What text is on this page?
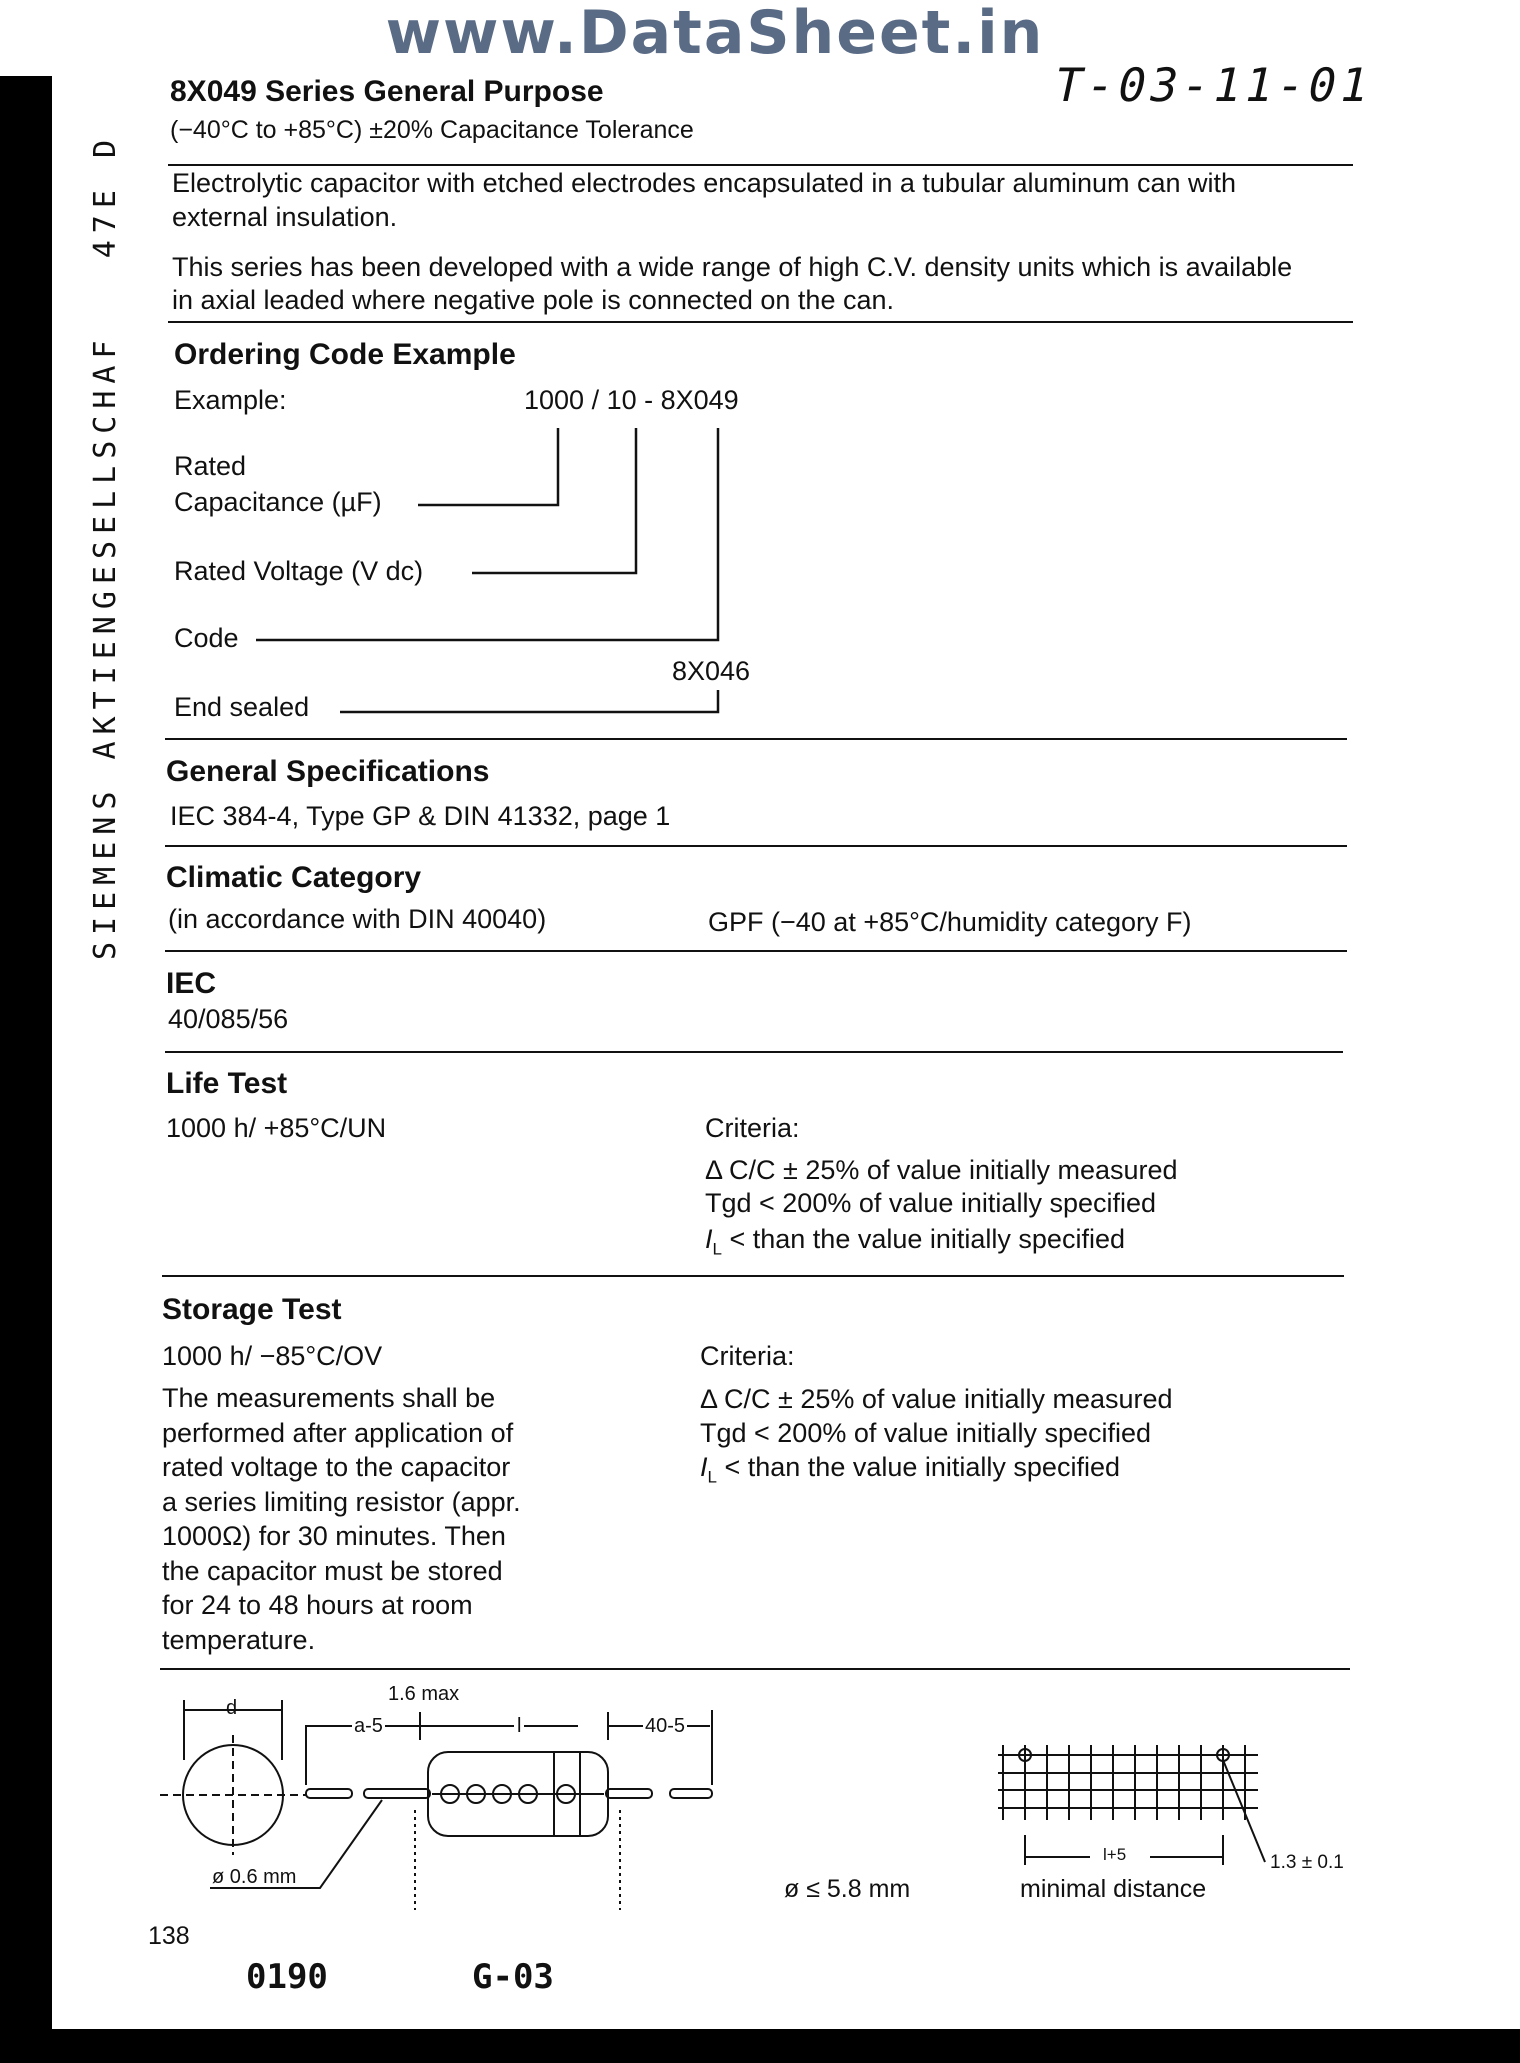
www.DataSheet.in
T-03-11-01
SIEMENS AKTIENGESELLSCHAF   47E D
8X049 Series General Purpose
(−40°C to +85°C) ±20% Capacitance Tolerance
Electrolytic capacitor with etched electrodes encapsulated in a tubular aluminum can with
external insulation.
This series has been developed with a wide range of high C.V. density units which is available
in axial leaded where negative pole is connected on the can.
Ordering Code Example
Example:	1000 / 10 - 8X049
Rated
Capacitance (µF)
Rated Voltage (V dc)
Code
8X046
End sealed
General Specifications
IEC 384-4, Type GP & DIN 41332, page 1
Climatic Category
(in accordance with DIN 40040)	GPF (−40 at +85°C/humidity category F)
IEC
40/085/56
Life Test
1000 h/ +85°C/UN	Criteria:
Δ C/C ± 25% of value initially measured
Tgd < 200% of value initially specified
$I_L$ < than the value initially specified
Storage Test
1000 h/ −85°C/OV	Criteria:
The measurements shall be
performed after application of
rated voltage to the capacitor
a series limiting resistor (appr.
1000Ω) for 30 minutes. Then
the capacitor must be stored
for 24 to 48 hours at room
temperature.
Δ C/C ± 25% of value initially measured
Tgd < 200% of value initially specified
$I_L$ < than the value initially specified
d
1.6 max
a-5	l	40-5
ø 0.6 mm	ø ≤ 5.8 mm
l+5	1.3 ± 0.1
minimal distance
138
0190	G-03
